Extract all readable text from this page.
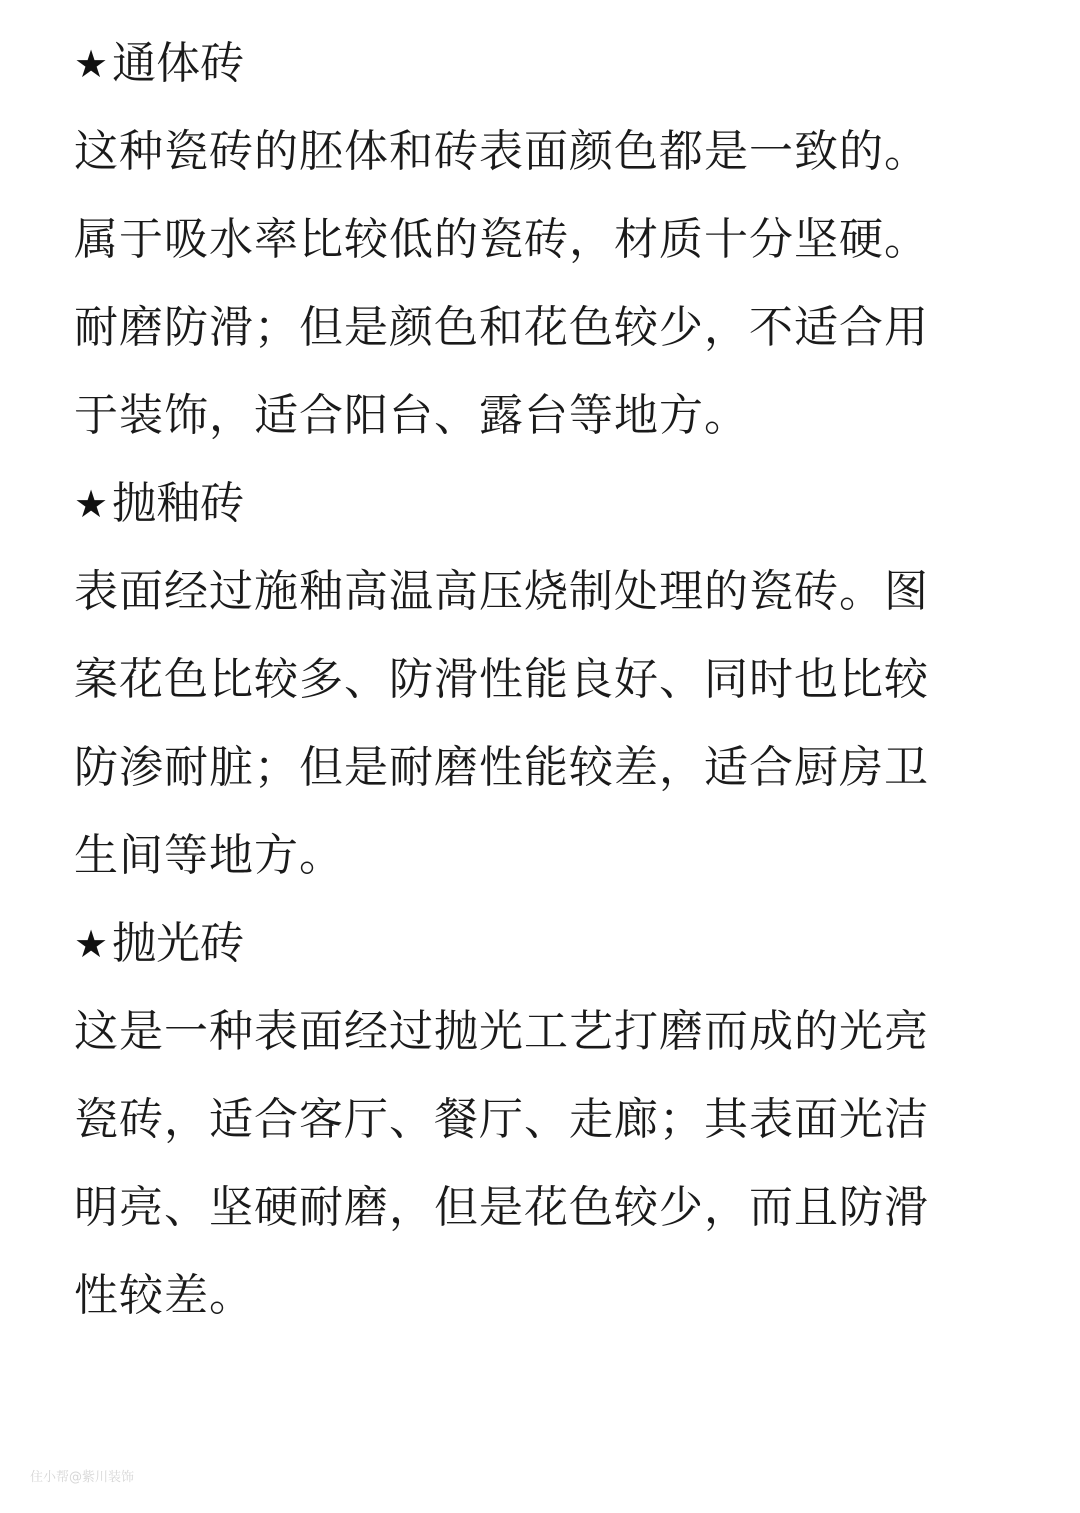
★ 通体砖
这种瓷砖的胚体和砖表面颜色都是一致的。
属于吸水率比较低的瓷砖，材质十分坚硬。
耐磨防滑；但是颜色和花色较少，不适合用
于装饰，适合阳台、露台等地方。
★ 抛釉砖
表面经过施釉高温高压烧制处理的瓷砖。图
案花色比较多、防滑性能良好、同时也比较
防渗耐脏；但是耐磨性能较差，适合厨房卫
生间等地方。
★ 抛光砖
这是一种表面经过抛光工艺打磨而成的光亮
瓷砖，适合客厅、餐厅、走廊；其表面光洁
明亮、坚硬耐磨，但是花色较少，而且防滑
性较差。
住小帮@紫川装饰
